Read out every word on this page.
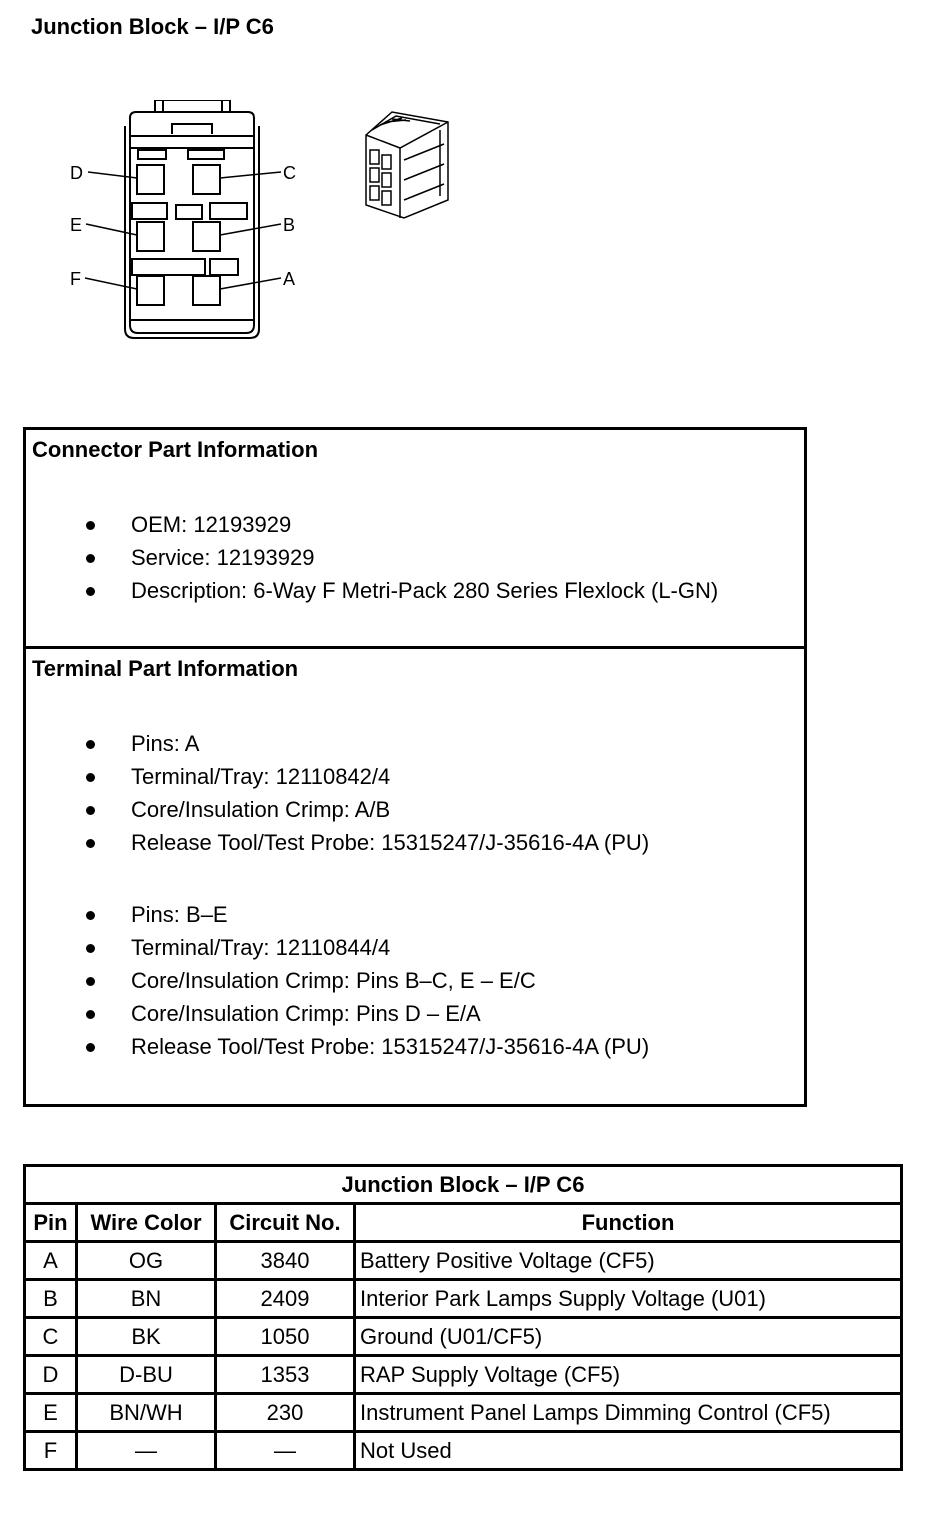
Junction Block – I/P C6
D	C
E	B
F	A
Connector Part Information
OEM: 12193929
Service: 12193929
Description: 6-Way F Metri-Pack 280 Series Flexlock (L-GN)
Terminal Part Information
Pins: A
Terminal/Tray: 12110842/4
Core/Insulation Crimp: A/B
Release Tool/Test Probe: 15315247/J-35616-4A (PU)
Pins: B–E
Terminal/Tray: 12110844/4
Core/Insulation Crimp: Pins B–C, E – E/C
Core/Insulation Crimp: Pins D – E/A
Release Tool/Test Probe: 15315247/J-35616-4A (PU)
Junction Block – I/P C6			
Pin	Wire Color	Circuit No.	Function
A	OG	3840	Battery Positive Voltage (CF5)
B	BN	2409	Interior Park Lamps Supply Voltage (U01)
C	BK	1050	Ground (U01/CF5)
D	D-BU	1353	RAP Supply Voltage (CF5)
E	BN/WH	230	Instrument Panel Lamps Dimming Control (CF5)
F	—	—	Not Used
